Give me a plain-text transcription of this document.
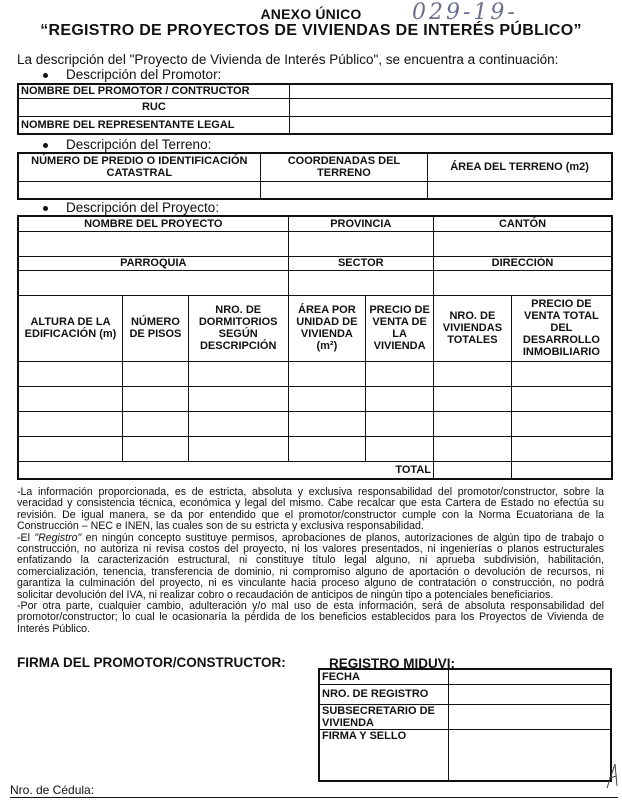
ANEXO ÚNICO	029-19-
“REGISTRO DE PROYECTOS DE VIVIENDAS DE INTERÉS PÚBLICO”
La descripción del "Proyecto de Vivienda de Interés Público", se encuentra a continuación:
Descripción del Promotor:
NOMBRE DEL PROMOTOR / CONTRUCTOR	
RUC	
NOMBRE DEL REPRESENTANTE LEGAL	
Descripción del Terreno:
NÚMERO DE PREDIO O IDENTIFICACIÓN CATASTRAL	COORDENADAS DEL TERRENO	ÁREA DEL TERRENO (m2)

Descripción del Proyecto:
NOMBRE DEL PROYECTO			PROVINCIA		CANTÓN	

PARROQUIA			SECTOR		DIRECCIÓN	

ALTURA DE LA EDIFICACIÓN (m)	NÚMERO DE PISOS	NRO. DE DORMITORIOS SEGÚN DESCRIPCIÓN	ÁREA POR UNIDAD DE VIVIENDA (m²)	PRECIO DE VENTA DE LA VIVIENDA	NRO. DE VIVIENDAS TOTALES	PRECIO DE VENTA TOTAL DEL DESARROLLO INMOBILIARIO

TOTAL						

-La información proporcionada, es de estricta, absoluta y exclusiva responsabilidad del promotor/constructor, sobre la veracidad y consistencia técnica, económica y legal del mismo. Cabe recalcar que esta Cartera de Estado no efectúa su revisión. De igual manera, se da por entendido que el promotor/constructor cumple con la Norma Ecuatoriana de la Construcción – NEC e INEN, las cuales son de su estricta y exclusiva responsabilidad.

-El "Registro" en ningún concepto sustituye permisos, aprobaciones de planos, autorizaciones de algún tipo de trabajo o construcción, no autoriza ni revisa costos del proyecto, ni los valores presentados, ni ingenierías o planos estructurales enfatizando la caracterización estructural, ni constituye título legal alguno, ni aprueba subdivisión, habilitación, comercialización, tenencia, transferencia de dominio, ni compromiso alguno de aportación o devolución de recursos, ni garantiza la culminación del proyecto, ni es vinculante hacia proceso alguno de contratación o construcción, no podrá solicitar devolución del IVA, ni realizar cobro o recaudación de anticipos de ningún tipo a potenciales beneficiarios.

-Por otra parte, cualquier cambio, adulteración y/o mal uso de esta información, será de absoluta responsabilidad del promotor/constructor; lo cual le ocasionaría la pérdida de los beneficios establecidos para los Proyectos de Vivienda de Interés Público.

FIRMA DEL PROMOTOR/CONSTRUCTOR:	REGISTRO MIDUVI:
FECHA	
NRO. DE REGISTRO	
SUBSECRETARIO DE VIVIENDA	
FIRMA Y SELLO	
Nro. de Cédula:
